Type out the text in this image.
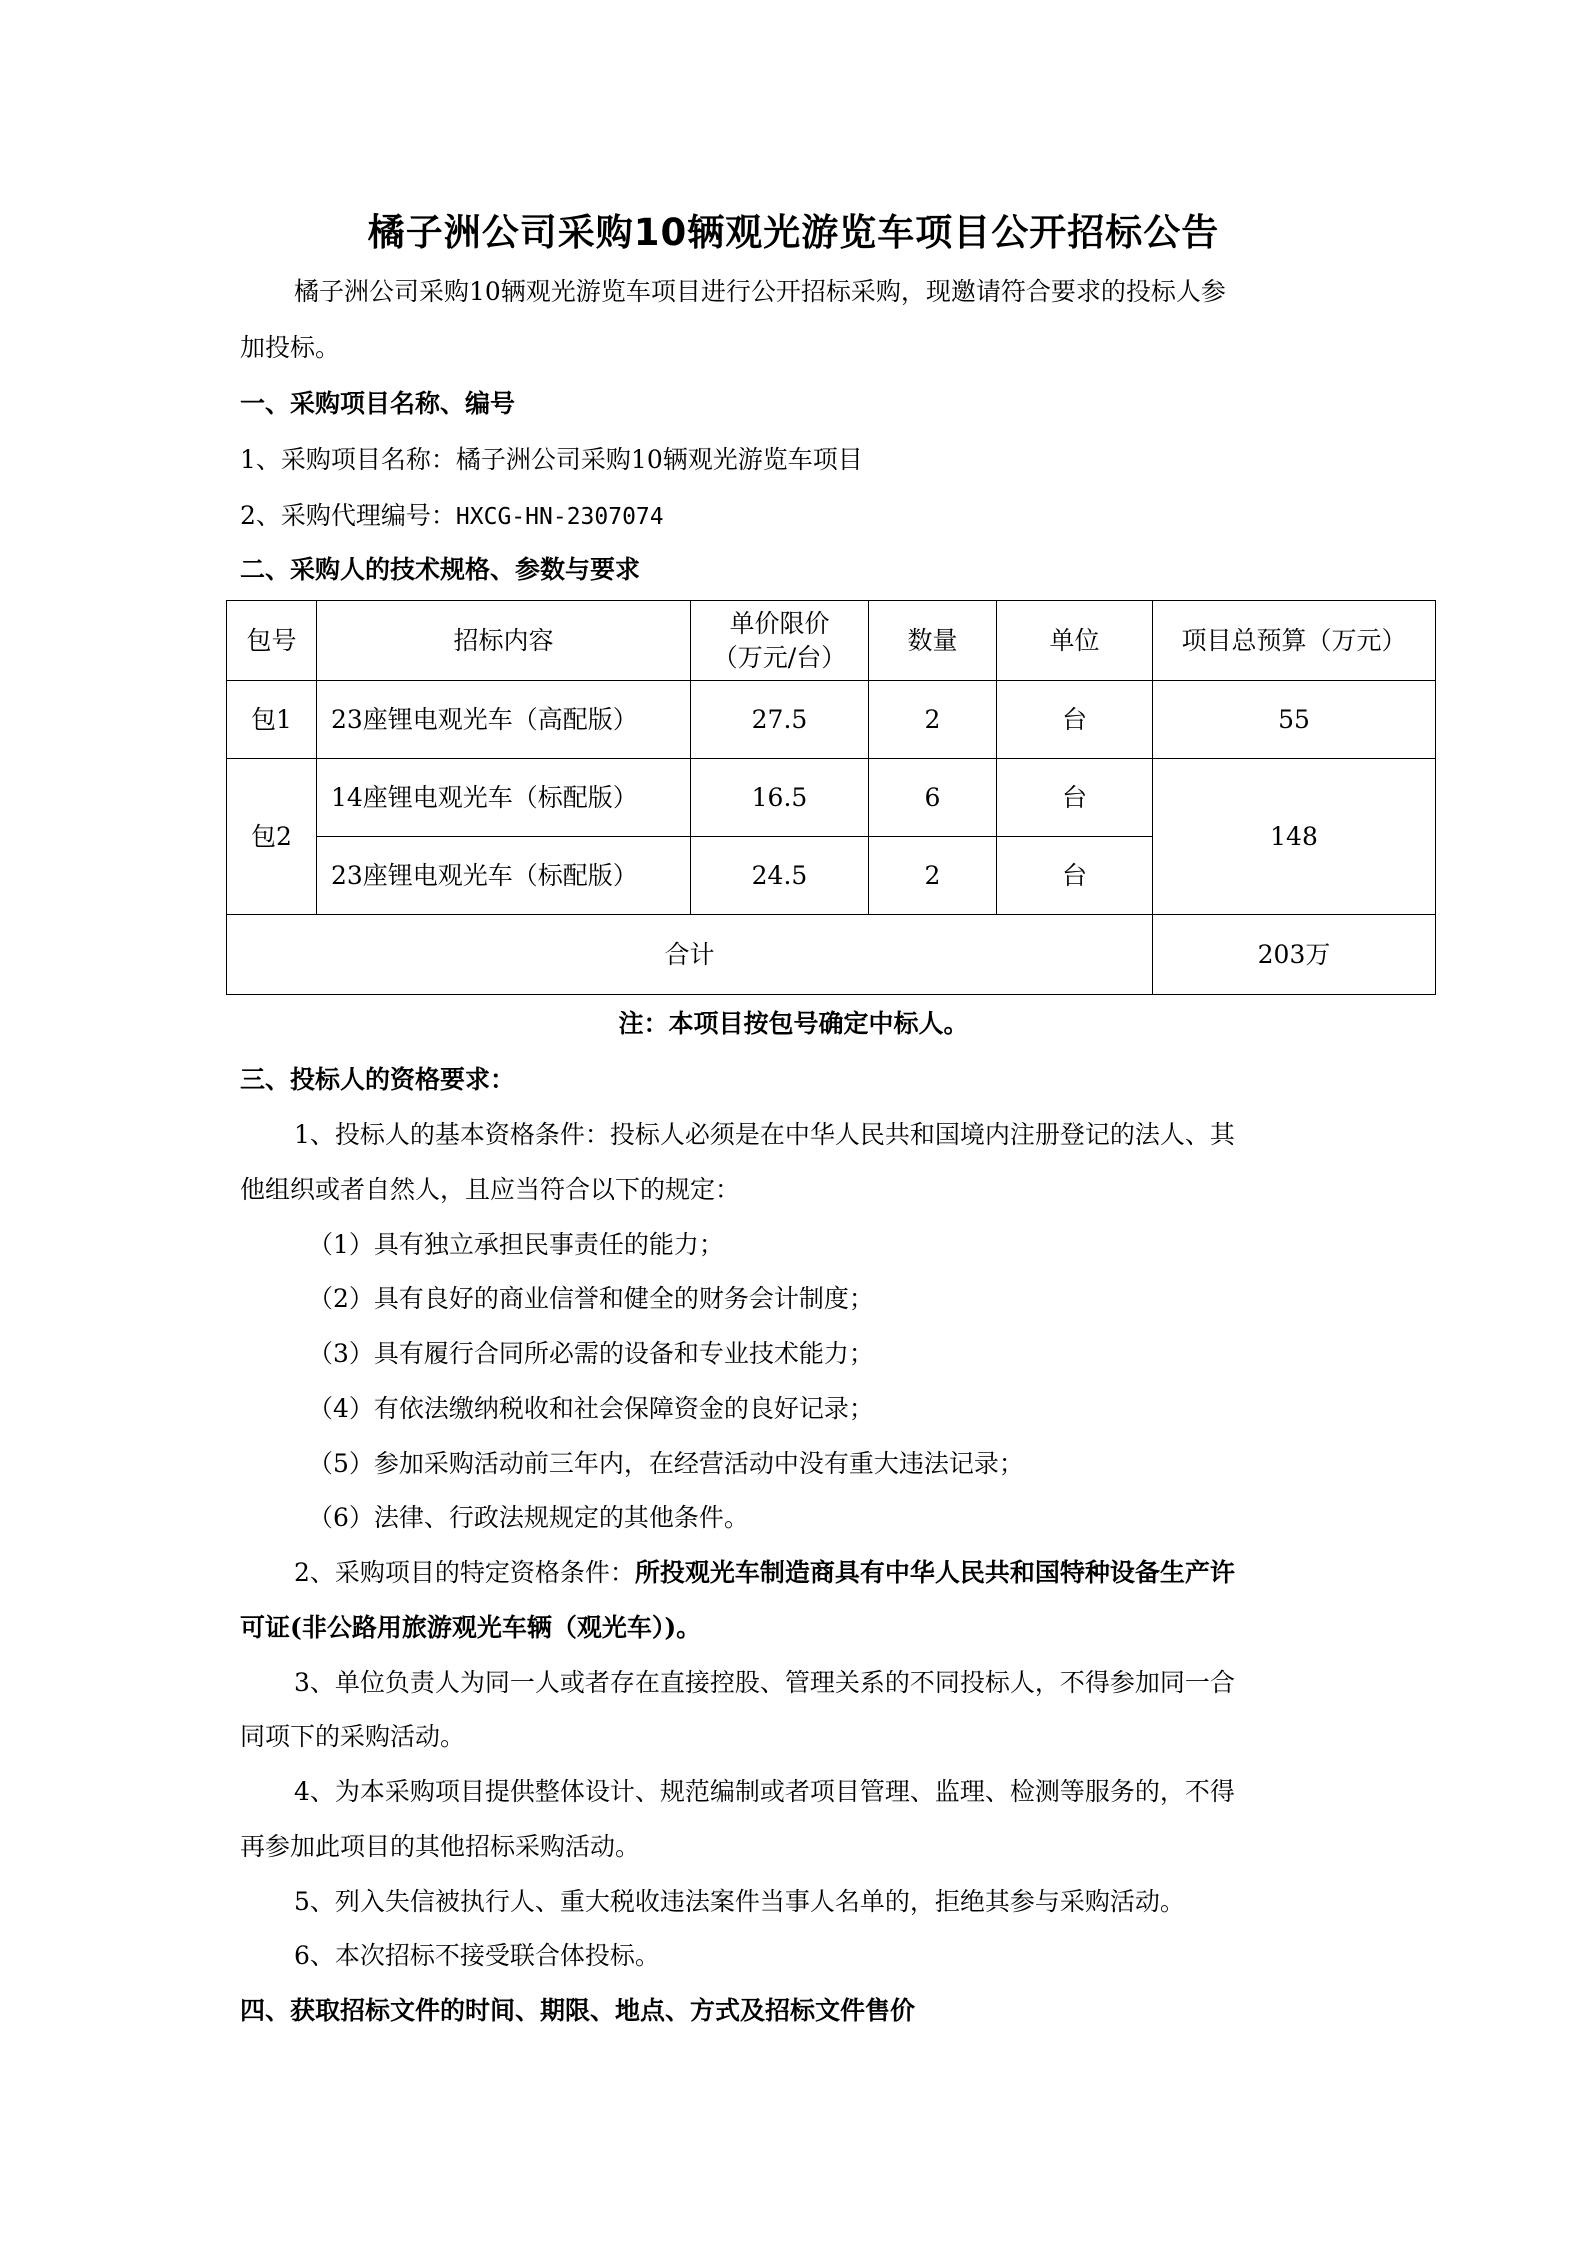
橘子洲公司采购10辆观光游览车项目公开招标公告
橘子洲公司采购10辆观光游览车项目进行公开招标采购，现邀请符合要求的投标人参
加投标。
一、采购项目名称、编号
1、采购项目名称：橘子洲公司采购10辆观光游览车项目
2、采购代理编号：HXCG-HN-2307074
二、采购人的技术规格、参数与要求
包号	招标内容	单价限价
（万元/台）	数量	单位	项目总预算（万元）
包1	23座锂电观光车（高配版）	27.5	2	台	55
包2	14座锂电观光车（标配版）	16.5	6	台	148
	23座锂电观光车（标配版）	24.5	2	台	
合计					203万
注：本项目按包号确定中标人。
三、投标人的资格要求：
1、投标人的基本资格条件：投标人必须是在中华人民共和国境内注册登记的法人、其
他组织或者自然人，且应当符合以下的规定：
（1）具有独立承担民事责任的能力；
（2）具有良好的商业信誉和健全的财务会计制度；
（3）具有履行合同所必需的设备和专业技术能力；
（4）有依法缴纳税收和社会保障资金的良好记录；
（5）参加采购活动前三年内，在经营活动中没有重大违法记录；
（6）法律、行政法规规定的其他条件。
2、采购项目的特定资格条件：所投观光车制造商具有中华人民共和国特种设备生产许
可证(非公路用旅游观光车辆（观光车）)。
3、单位负责人为同一人或者存在直接控股、管理关系的不同投标人，不得参加同一合
同项下的采购活动。
4、为本采购项目提供整体设计、规范编制或者项目管理、监理、检测等服务的，不得
再参加此项目的其他招标采购活动。
5、列入失信被执行人、重大税收违法案件当事人名单的，拒绝其参与采购活动。
6、本次招标不接受联合体投标。
四、获取招标文件的时间、期限、地点、方式及招标文件售价
